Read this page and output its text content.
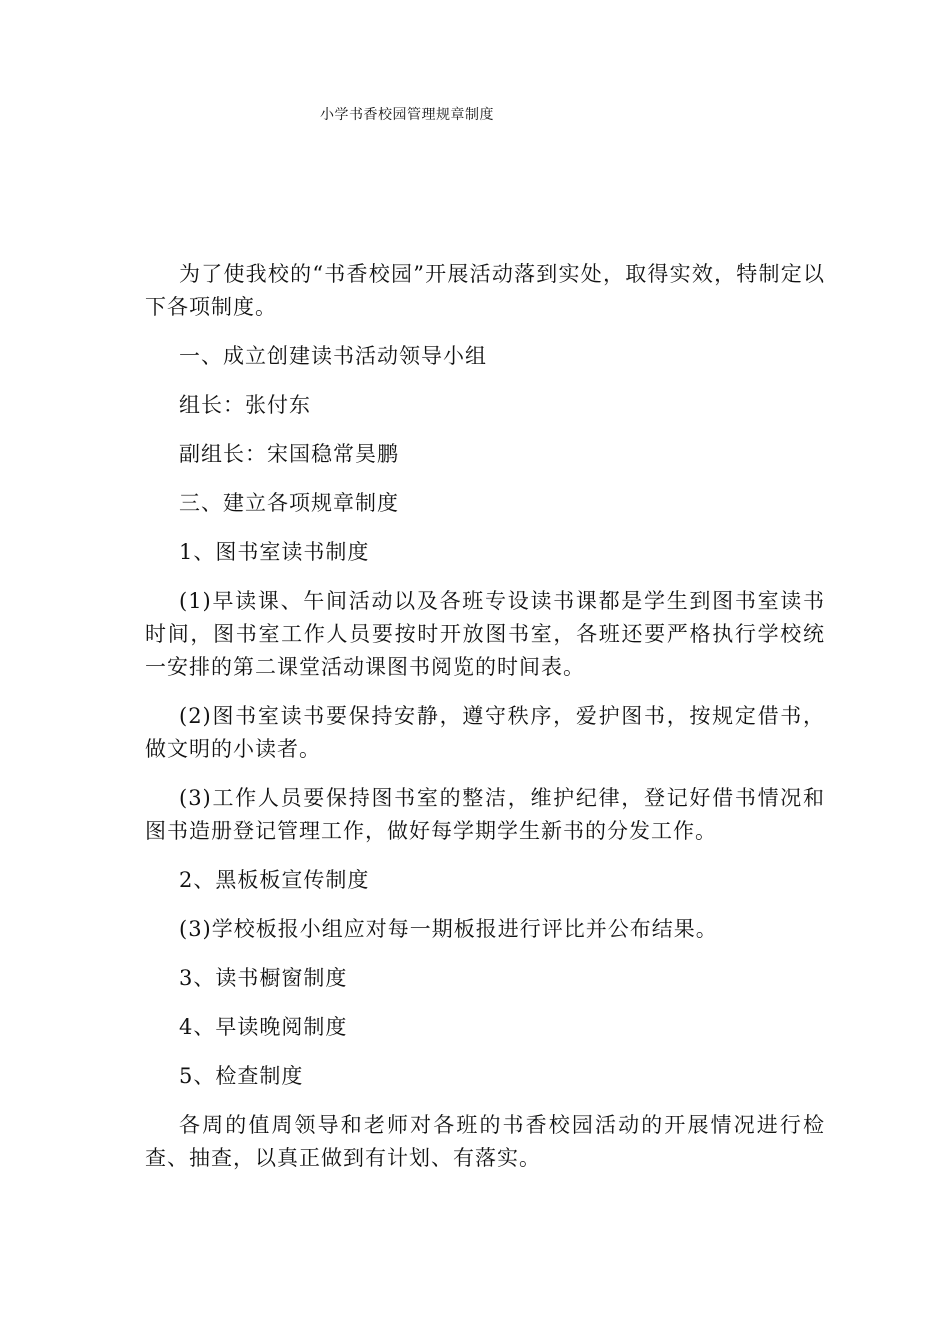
小学书香校园管理规章制度

为了使我校的“书香校园”开展活动落到实处，取得实效，特制定以下各项制度。

一、成立创建读书活动领导小组

组长：张付东

副组长：宋国稳常昊鹏

三、建立各项规章制度

1、图书室读书制度

(1)早读课、午间活动以及各班专设读书课都是学生到图书室读书时间，图书室工作人员要按时开放图书室，各班还要严格执行学校统一安排的第二课堂活动课图书阅览的时间表。

(2)图书室读书要保持安静，遵守秩序，爱护图书，按规定借书，做文明的小读者。

(3)工作人员要保持图书室的整洁，维护纪律，登记好借书情况和图书造册登记管理工作，做好每学期学生新书的分发工作。

2、黑板板宣传制度

(3)学校板报小组应对每一期板报进行评比并公布结果。

3、读书橱窗制度

4、早读晚阅制度

5、检查制度

各周的值周领导和老师对各班的书香校园活动的开展情况进行检查、抽查，以真正做到有计划、有落实。
